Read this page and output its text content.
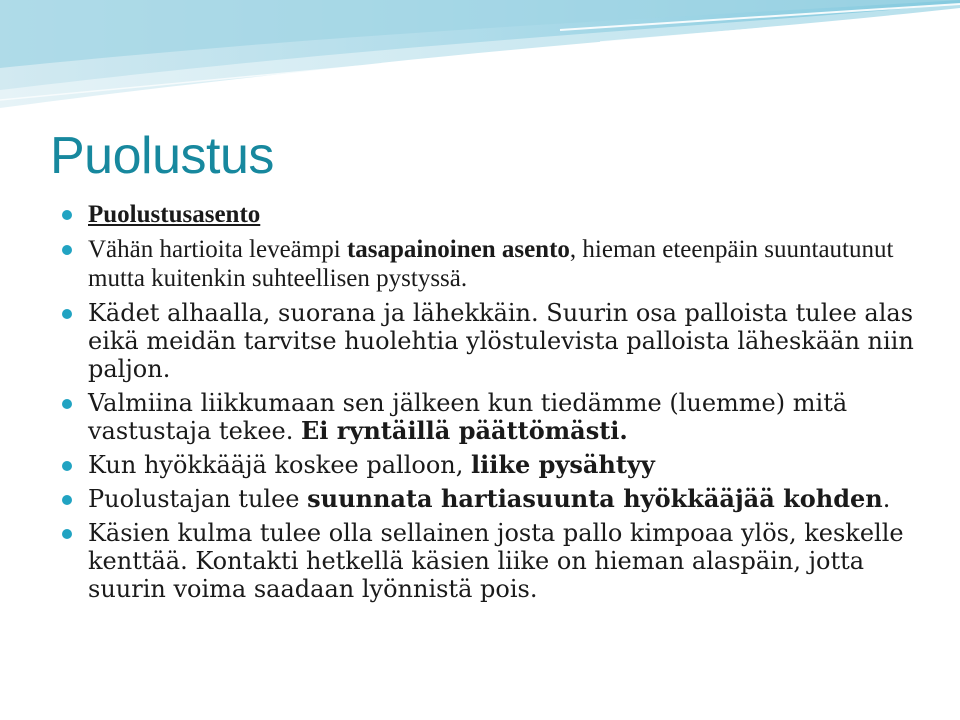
Puolustus
Puolustusasento
Vähän hartioita leveämpi tasapainoinen asento, hieman eteenpäin suuntautunut mutta kuitenkin suhteellisen pystyssä.
Kädet alhaalla, suorana ja lähekkäin. Suurin osa palloista tulee alas eikä meidän tarvitse huolehtia ylöstulevista palloista läheskään niin paljon.
Valmiina liikkumaan sen jälkeen kun tiedämme (luemme) mitä vastustaja tekee. Ei ryntäillä päättömästi.
Kun hyökkääjä koskee palloon, liike pysähtyy
Puolustajan tulee suunnata hartiasuunta hyökkääjää kohden.
Käsien kulma tulee olla sellainen josta pallo kimpoaa ylös, keskelle kenttää. Kontakti hetkellä käsien liike on hieman alaspäin, jotta suurin voima saadaan lyönnistä pois.
